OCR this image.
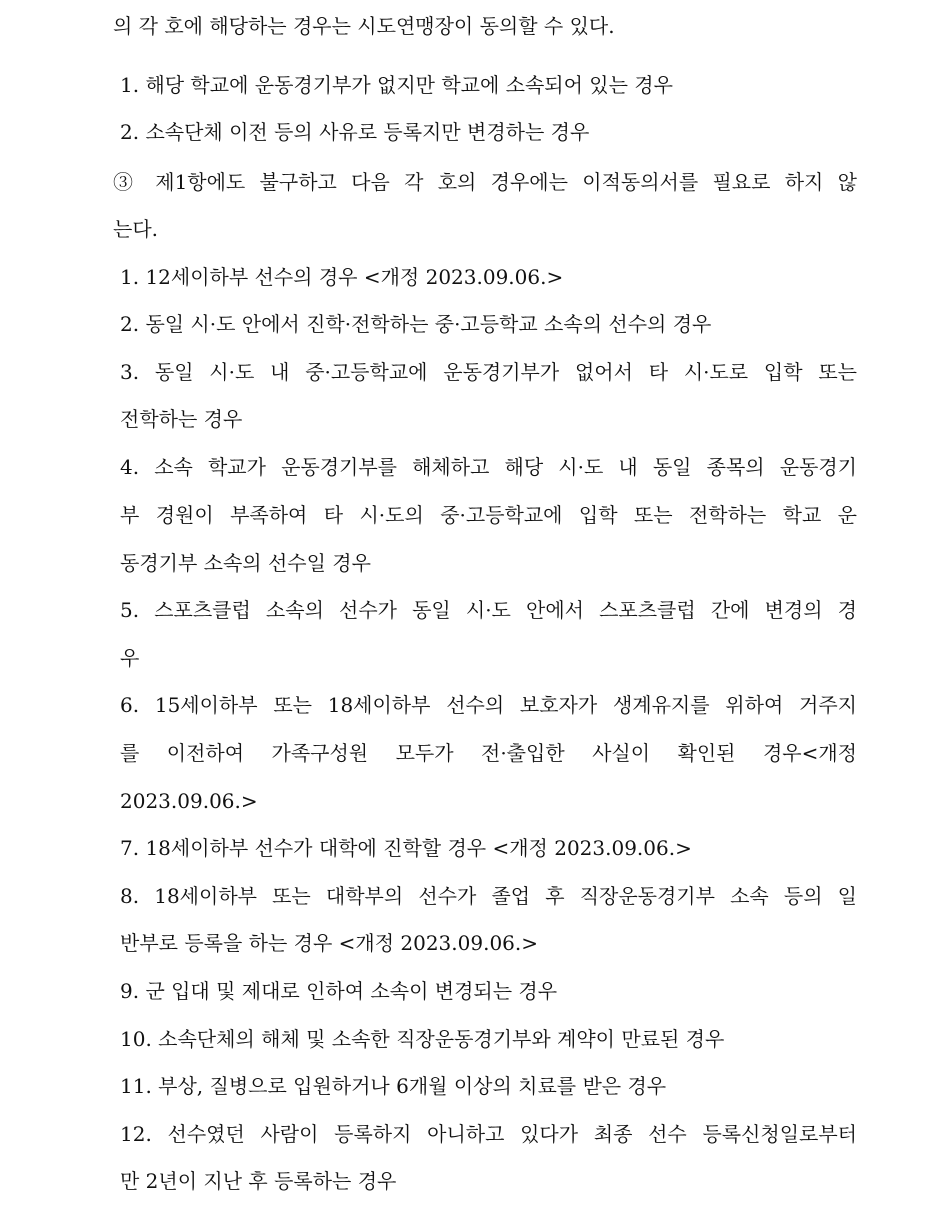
의 각 호에 해당하는 경우는 시도연맹장이 동의할 수 있다.
1. 해당 학교에 운동경기부가 없지만 학교에 소속되어 있는 경우
2. 소속단체 이전 등의 사유로 등록지만 변경하는 경우
③ 제1항에도 불구하고 다음 각 호의 경우에는 이적동의서를 필요로 하지 않
는다.
1. 12세이하부 선수의 경우 <개정 2023.09.06.>
2. 동일 시·도 안에서 진학·전학하는 중·고등학교 소속의 선수의 경우
3. 동일 시·도 내 중·고등학교에 운동경기부가 없어서 타 시·도로 입학 또는
전학하는 경우
4. 소속 학교가 운동경기부를 해체하고 해당 시·도 내 동일 종목의 운동경기
부 경원이 부족하여 타 시·도의 중·고등학교에 입학 또는 전학하는 학교 운
동경기부 소속의 선수일 경우
5. 스포츠클럽 소속의 선수가 동일 시·도 안에서 스포츠클럽 간에 변경의 경
우
6. 15세이하부 또는 18세이하부 선수의 보호자가 생계유지를 위하여 거주지
를 이전하여 가족구성원 모두가 전·출입한 사실이 확인된 경우<개정
2023.09.06.>
7. 18세이하부 선수가 대학에 진학할 경우 <개정 2023.09.06.>
8. 18세이하부 또는 대학부의 선수가 졸업 후 직장운동경기부 소속 등의 일
반부로 등록을 하는 경우 <개정 2023.09.06.>
9. 군 입대 및 제대로 인하여 소속이 변경되는 경우
10. 소속단체의 해체 및 소속한 직장운동경기부와 계약이 만료된 경우
11. 부상, 질병으로 입원하거나 6개월 이상의 치료를 받은 경우
12. 선수였던 사람이 등록하지 아니하고 있다가 최종 선수 등록신청일로부터
만 2년이 지난 후 등록하는 경우
